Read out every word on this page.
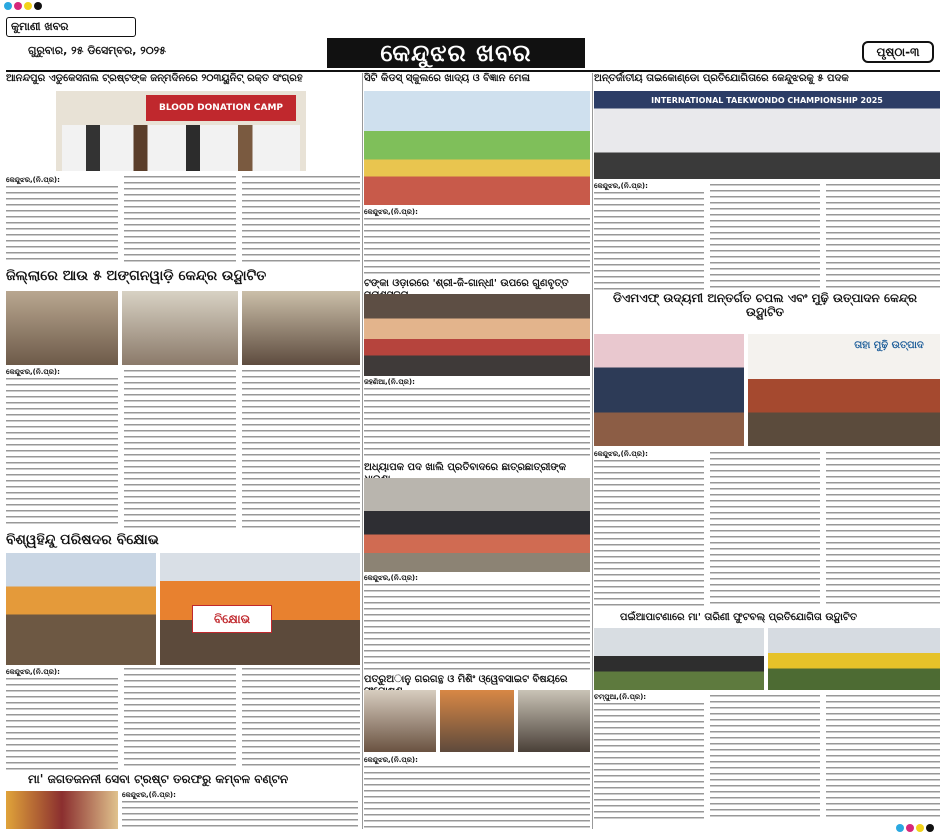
କୁମାଣୀ ଖବର
ଗୁରୁବାର, ୨୫ ଡିସେମ୍ବର, ୨୦୨୫	କେନ୍ଦୁଝର ଖବର	ପୃଷ୍ଠା-୩
ଆନନ୍ଦପୁର ଏଡୁକେସନାଲ ଟ୍ରଷ୍ଟଙ୍କ ଜନ୍ମଦିନରେ ୨୦୩ୟୁନିଟ୍ ରକ୍ତ ସଂଗ୍ରହ	ସିଟି କିଡସ୍ ସ୍କୁଲରେ ଖାଦ୍ୟ ଓ ବିଜ୍ଞାନ ମେଳା	ଅନ୍ତର୍ଜାତୀୟ ତାଇକୋଣ୍ଡୋ ପ୍ରତିଯୋଗିତାରେ କେନ୍ଦୁଝରକୁ ୫ ପଦକ
BLOOD DONATION CAMP
କେନ୍ଦୁଝର,(ନି.ପ୍ର):
ଜିଲ୍ଲାରେ ଆଉ ୫ ଅଙ୍ଗନୱାଡ଼ି କେନ୍ଦ୍ର ଉଦ୍ଘାଟିତ
କେନ୍ଦୁଝର,(ନି.ପ୍ର):
ବିଶ୍ୱହିନ୍ଦୁ ପରିଷଦର ବିକ୍ଷୋଭ
ବିକ୍ଷୋଭ
କେନ୍ଦୁଝର,(ନି.ପ୍ର):
ମା' ଜଗତଜନନୀ ସେବା ଟ୍ରଷ୍ଟ ତରଫରୁ କମ୍ବଳ ବଣ୍ଟନ
କେନ୍ଦୁଝର,(ନି.ପ୍ର):
କେନ୍ଦୁଝର,(ନି.ପ୍ର):
ଟଙ୍କା ଓଡ଼ାରରେ 'ଶ୍ରୀ-ଜି-ଗାନ୍ଧୀ' ଉପରେ ଗୁଣବୃତ୍ତ
ଜହଣିଆ,(ନି.ପ୍ର):
ଅଧ୍ୟାପକ ପଦ ଖାଲି ପ୍ରତିବାଦରେ ଛାତ୍ରଛାତ୍ରୀଙ୍କ
କେନ୍ଦୁଝର,(ନି.ପ୍ର):
ପତ୍ରୁଅାନୁ ଗରଗନ୍ଥ ଓ ମିଶିଂ ଓ୍ୱେବସାଇଟ ବିଷୟରେ
କେନ୍ଦୁଝର,(ନି.ପ୍ର):
INTERNATIONAL TAEKWONDO CHAMPIONSHIP 2025
କେନ୍ଦୁଝର,(ନି.ପ୍ର):
ଡିଏମଏଫ୍ ଉଦ୍ୟମୀ ଅନ୍ତର୍ଗତ ଚପଲ ଏବଂ ମୁଢ଼ି ଉତ୍ପାଦନ କେନ୍ଦ୍ର ଉଦ୍ଘାଟିତ
ତାହା ମୁଢ଼ି ଉତ୍ପାଦ
କେନ୍ଦୁଝର,(ନି.ପ୍ର):
ପଇଁଆପାଟଣାରେ ମା' ତାରିଣୀ ଫୁଟବଲ୍ ପ୍ରତିଯୋଗିତା ଉଦ୍ଘାଟିତ
ଚମ୍ପୁଆ,(ନି.ପ୍ର):
